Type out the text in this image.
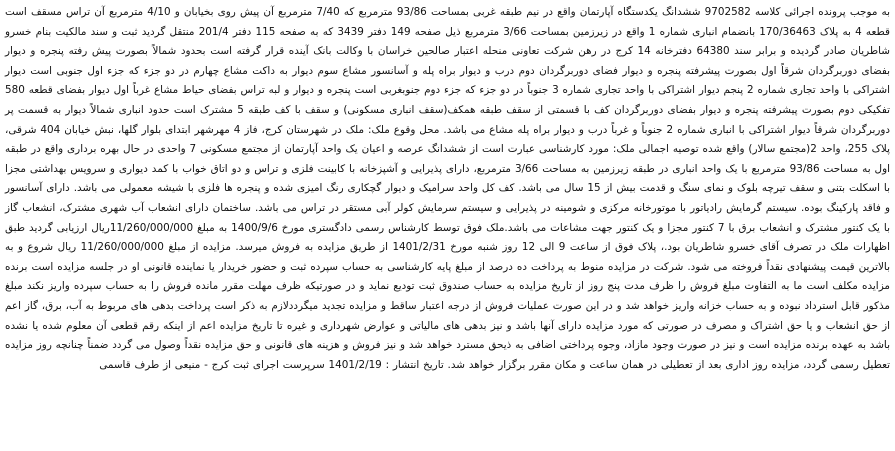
به موجب پرونده اجرائی کلاسه 9702582 ششدانگ یکدستگاه آپارتمان واقع در نیم طبقه غربی بمساحت 93/86 مترمربع که 7/40 مترمربع آن پیش روی بخیابان و 4/10 مترمربع آن تراس مسقف است قطعه 4 به پلاک 170/36463 بانضمام انباری شماره 1 واقع در زیرزمین بمساحت 3/66 مترمربع ذیل صفحه 149 دفتر 3439 که به صفحه 115 دفتر 201/4 منتقل گردید ثبت و سند مالکیت بنام خسرو شاطریان صادر گردیده و برابر سند 64380 دفترخانه 14 کرج در رهن شرکت تعاونی منحله اعتبار صالحین خراسان با وکالت بانک آینده قرار گرفته است بحدود شمالاً بصورت پیش رفته پنجره و دیوار بفضای دوربرگردان شرقاً اول بصورت پیشرفته پنجره و دیوار فضای دوربرگردان دوم درب و دیوار براه پله و آسانسور مشاع سوم دیوار به داکت مشاع چهارم در دو جزء که جزء اول جنوبی است دیوار اشتراکی با واحد تجاری شماره 2 پنجم دیوار اشتراکی با واحد تجاری شماره 3 جنوباً در دو جزء که جزء دوم جنوبغربی است پنجره و دیوار و لبه تراس بفضای حیاط مشاع غرباً اول دیوار بفضای قطعه 580 تفکیکی دوم بصورت پیشرفته پنجره و دیوار بفضای دوربرگردان کف با قسمتی از سقف طبقه همکف(سقف انباری مسکونی) و سقف با کف طبقه 5 مشترک است حدود انباری شمالاً دیوار به قسمت پر دوربرگردان شرقاً دیوار اشتراکی با انباری شماره 2 جنوباً و غرباً درب و دیوار براه پله مشاع می باشد. محل وقوع ملک: ملک در شهرستان کرج، فاز 4 مهرشهر ابتدای بلوار گلها، نبش خیابان 404 شرقی، پلاک 255، واحد 2(مجتمع سالار) واقع شده توصیه اجمالی ملک: مورد کارشناسی عبارت است از ششدانگ عرصه و اعیان یک واحد آپارتمان از مجتمع مسکونی 7 واحدی در حال بهره برداری واقع در طبقه اول به مساحت 93/86 مترمربع با یک واحد انباری در طبقه زیرزمین به مساحت 3/66 مترمربع، دارای پذیرایی و آشپزخانه با کابینت فلزی و تراس و دو اتاق خواب با کمد دیواری و سرویس بهداشتی مجزا با اسکلت بتنی و سقف تیرچه بلوک و نمای سنگ و قدمت بیش از 15 سال می باشد. کف کل واحد سرامیک و دیوار گچکاری رنگ امیزی شده و پنجره ها فلزی با شیشه معمولی می باشد. دارای آسانسور و فاقد پارکینگ بوده. سیستم گرمایش رادیاتور با موتورخانه مرکزی و شومینه در پذیرایی و سیستم سرمایش کولر آبی مستقر در تراس می باشد. ساختمان دارای انشعاب آب شهری مشترک، انشعاب گاز با یک کنتور مشترک و انشعاب برق با 7 کنتور مجزا و یک کنتور جهت مشاعات می باشد.ملک فوق توسط کارشناس رسمی دادگستری مورخ 1400/9/6 به مبلغ 11/260/000/000ریال ارزیابی گردید طبق اظهارات ملک در تصرف آقای خسرو شاطریان بود.، پلاک فوق از ساعت 9 الی 12 روز شنبه مورخ 1401/2/31 از طریق مزایده به فروش میرسد. مزایده از مبلغ 11/260/000/000 ریال شروع و به بالاترین قیمت پیشنهادی نقداً فروخته می شود. شرکت در مزایده منوط به پرداخت ده درصد از مبلغ پایه کارشناسی به حساب سپرده ثبت و حضور خریدار یا نماینده قانونی او در جلسه مزایده است برنده مزایده مکلف است ما به التفاوت مبلغ فروش را ظرف مدت پنج روز از تاریخ مزایده به حساب صندوق ثبت تودیع نماید و در صورتیکه ظرف مهلت مقرر مانده فروش را به حساب سپرده واریز نکند مبلغ مذکور قابل استرداد نبوده و به حساب خزانه واریز خواهد شد و در این صورت عملیات فروش از درجه اعتبار ساقط و مزایده تجدید میگرددلازم به ذکر است پرداخت بدهی های مربوط به آب، برق، گاز اعم از حق انشعاب و یا حق اشتراک و مصرف در صورتی که مورد مزایده دارای آنها باشد و نیز بدهی های مالیاتی و عوارض شهرداری و غیره تا تاریخ مزایده اعم از اینکه رقم قطعی آن معلوم شده یا نشده باشد به عهده برنده مزایده است و نیز در صورت وجود مازاد، وجوه پرداختی اضافی به ذیحق مسترد خواهد شد و نیز فروش و هزینه های قانونی و حق مزایده نقداً وصول می گردد ضمناً چنانچه روز مزایده تعطیل رسمی گردد، مزایده روز اداری بعد از تعطیلی در همان ساعت و مکان مقرر برگزار خواهد شد. تاریخ انتشار : 1401/2/19 سرپرست اجرای ثبت کرج - منیعی از طرف قاسمی
